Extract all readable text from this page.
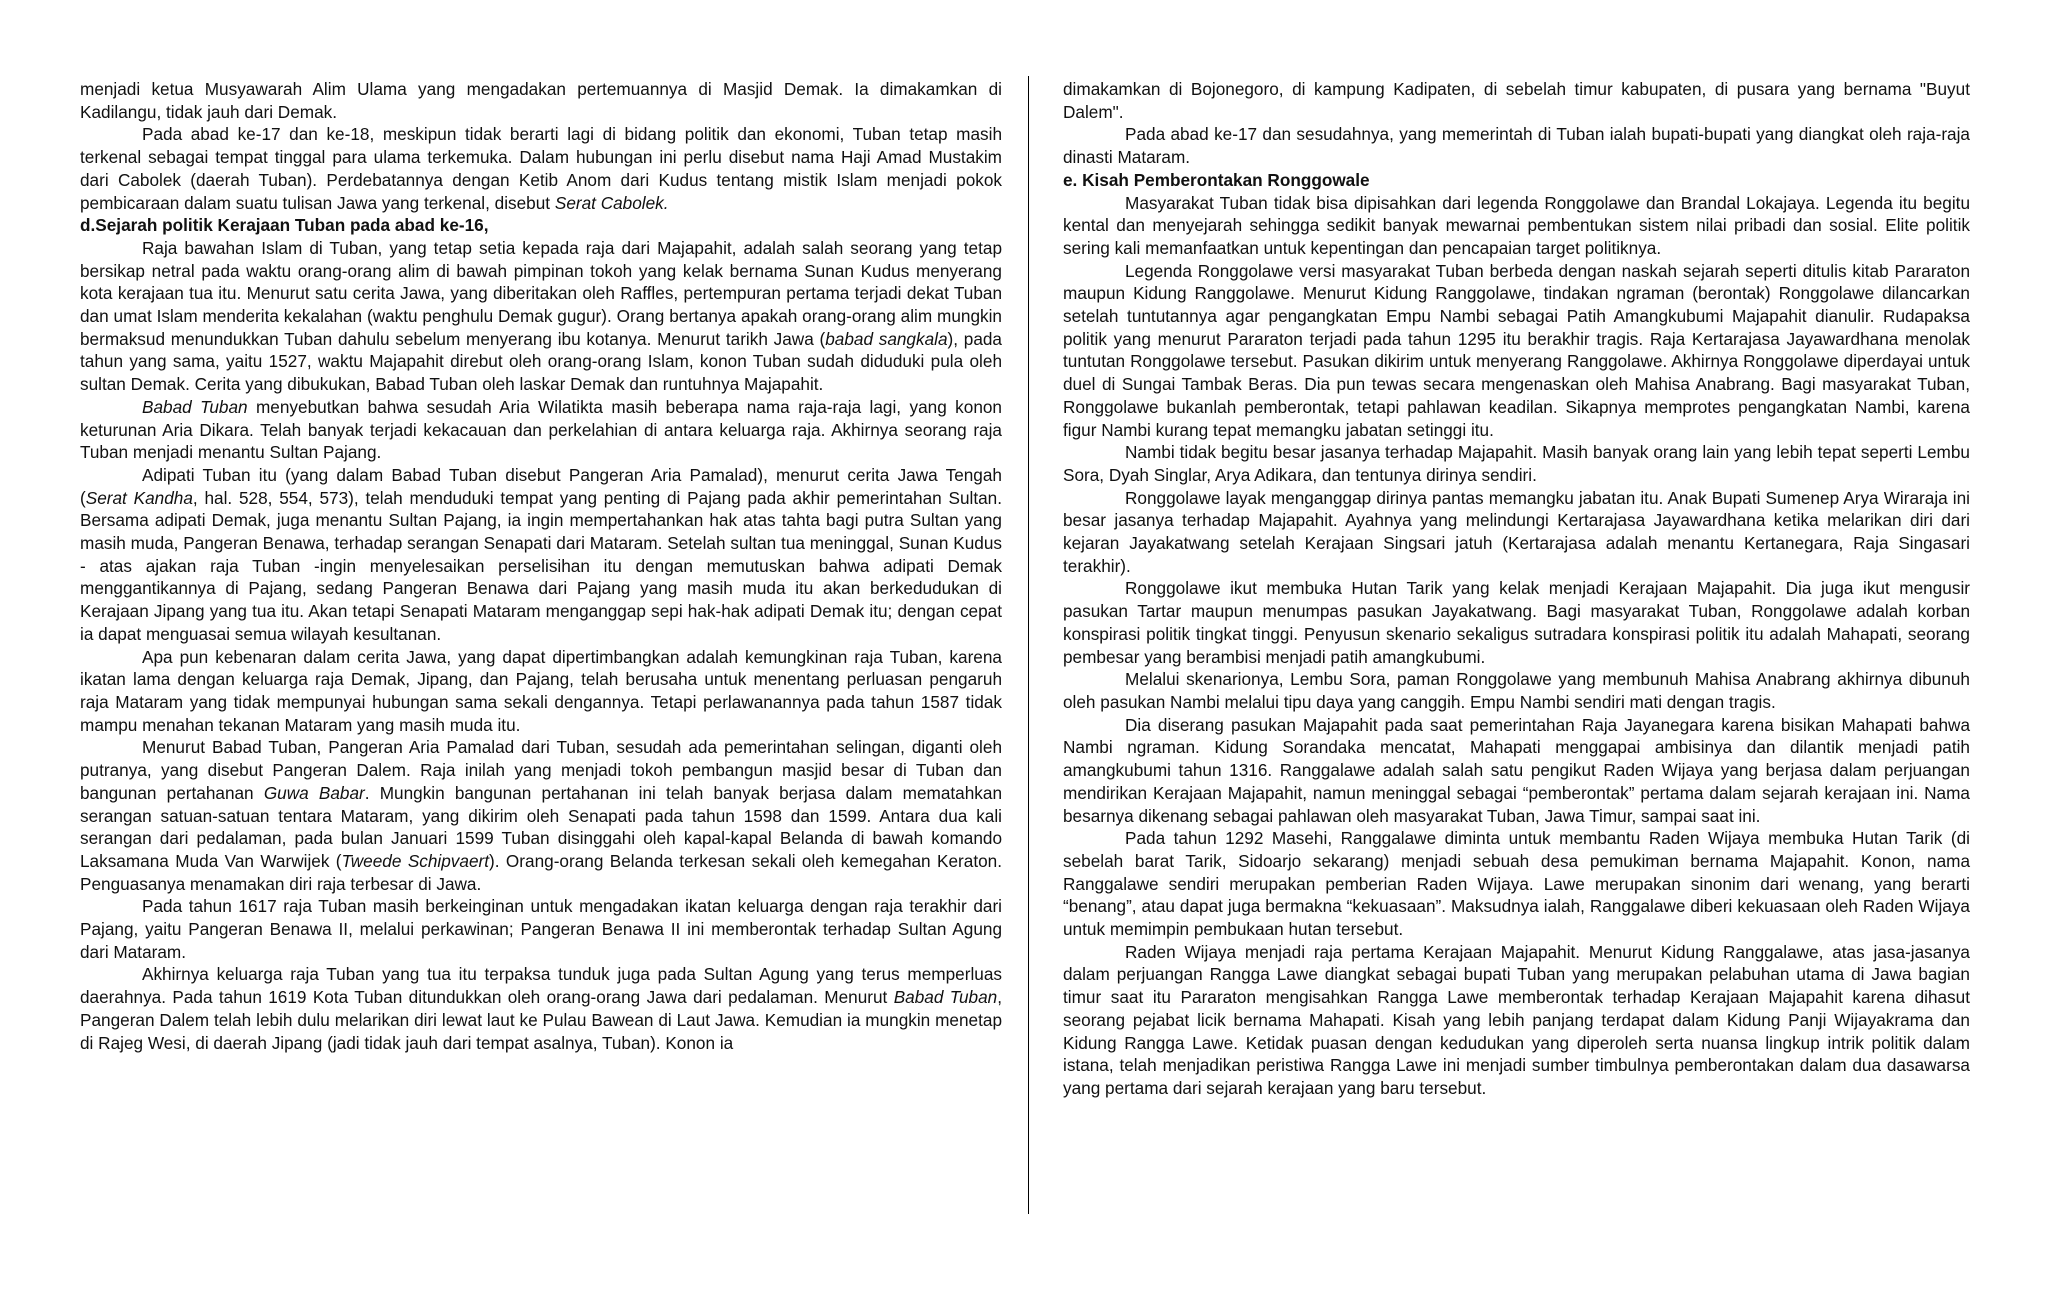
menjadi ketua Musyawarah Alim Ulama yang mengadakan pertemuannya di Masjid Demak. Ia dimakamkan di Kadilangu, tidak jauh dari Demak.

Pada abad ke-17 dan ke-18, meskipun tidak berarti lagi di bidang politik dan ekonomi, Tuban tetap masih terkenal sebagai tempat tinggal para ulama terkemuka. Dalam hubungan ini perlu disebut nama Haji Amad Mustakim dari Cabolek (daerah Tuban). Perdebatannya dengan Ketib Anom dari Kudus tentang mistik Islam menjadi pokok pembicaraan dalam suatu tulisan Jawa yang terkenal, disebut Serat Cabolek.

d.Sejarah politik Kerajaan Tuban pada abad ke-16,

Raja bawahan Islam di Tuban, yang tetap setia kepada raja dari Majapahit, adalah salah seorang yang tetap bersikap netral pada waktu orang-orang alim di bawah pimpinan tokoh yang kelak bernama Sunan Kudus menyerang kota kerajaan tua itu. Menurut satu cerita Jawa, yang diberitakan oleh Raffles, pertempuran pertama terjadi dekat Tuban dan umat Islam menderita kekalahan (waktu penghulu Demak gugur). Orang bertanya apakah orang-orang alim mungkin bermaksud menundukkan Tuban dahulu sebelum menyerang ibu kotanya. Menurut tarikh Jawa (babad sangkala), pada tahun yang sama, yaitu 1527, waktu Majapahit direbut oleh orang-orang Islam, konon Tuban sudah diduduki pula oleh sultan Demak. Cerita yang dibukukan, Babad Tuban oleh laskar Demak dan runtuhnya Majapahit.

Babad Tuban menyebutkan bahwa sesudah Aria Wilatikta masih beberapa nama raja-raja lagi, yang konon keturunan Aria Dikara. Telah banyak terjadi kekacauan dan perkelahian di antara keluarga raja. Akhirnya seorang raja Tuban menjadi menantu Sultan Pajang.

Adipati Tuban itu (yang dalam Babad Tuban disebut Pangeran Aria Pamalad), menurut cerita Jawa Tengah (Serat Kandha, hal. 528, 554, 573), telah menduduki tempat yang penting di Pajang pada akhir pemerintahan Sultan. Bersama adipati Demak, juga menantu Sultan Pajang, ia ingin mempertahankan hak atas tahta bagi putra Sultan yang masih muda, Pangeran Benawa, terhadap serangan Senapati dari Mataram. Setelah sultan tua meninggal, Sunan Kudus - atas ajakan raja Tuban -ingin menyelesaikan perselisihan itu dengan memutuskan bahwa adipati Demak menggantikannya di Pajang, sedang Pangeran Benawa dari Pajang yang masih muda itu akan berkedudukan di Kerajaan Jipang yang tua itu. Akan tetapi Senapati Mataram menganggap sepi hak-hak adipati Demak itu; dengan cepat ia dapat menguasai semua wilayah kesultanan.

Apa pun kebenaran dalam cerita Jawa, yang dapat dipertimbangkan adalah kemungkinan raja Tuban, karena ikatan lama dengan keluarga raja Demak, Jipang, dan Pajang, telah berusaha untuk menentang perluasan pengaruh raja Mataram yang tidak mempunyai hubungan sama sekali dengannya. Tetapi perlawanannya pada tahun 1587 tidak mampu menahan tekanan Mataram yang masih muda itu.

Menurut Babad Tuban, Pangeran Aria Pamalad dari Tuban, sesudah ada pemerintahan selingan, diganti oleh putranya, yang disebut Pangeran Dalem. Raja inilah yang menjadi tokoh pembangun masjid besar di Tuban dan bangunan pertahanan Guwa Babar. Mungkin bangunan pertahanan ini telah banyak berjasa dalam mematahkan serangan satuan-satuan tentara Mataram, yang dikirim oleh Senapati pada tahun 1598 dan 1599. Antara dua kali serangan dari pedalaman, pada bulan Januari 1599 Tuban disinggahi oleh kapal-kapal Belanda di bawah komando Laksamana Muda Van Warwijek (Tweede Schipvaert). Orang-orang Belanda terkesan sekali oleh kemegahan Keraton. Penguasanya menamakan diri raja terbesar di Jawa.

Pada tahun 1617 raja Tuban masih berkeinginan untuk mengadakan ikatan keluarga dengan raja terakhir dari Pajang, yaitu Pangeran Benawa II, melalui perkawinan; Pangeran Benawa II ini memberontak terhadap Sultan Agung dari Mataram.

Akhirnya keluarga raja Tuban yang tua itu terpaksa tunduk juga pada Sultan Agung yang terus memperluas daerahnya. Pada tahun 1619 Kota Tuban ditundukkan oleh orang-orang Jawa dari pedalaman. Menurut Babad Tuban, Pangeran Dalem telah lebih dulu melarikan diri lewat laut ke Pulau Bawean di Laut Jawa. Kemudian ia mungkin menetap di Rajeg Wesi, di daerah Jipang (jadi tidak jauh dari tempat asalnya, Tuban). Konon ia

dimakamkan di Bojonegoro, di kampung Kadipaten, di sebelah timur kabupaten, di pusara yang bernama "Buyut Dalem".

Pada abad ke-17 dan sesudahnya, yang memerintah di Tuban ialah bupati-bupati yang diangkat oleh raja-raja dinasti Mataram.

e. Kisah Pemberontakan Ronggowale

Masyarakat Tuban tidak bisa dipisahkan dari legenda Ronggolawe dan Brandal Lokajaya. Legenda itu begitu kental dan menyejarah sehingga sedikit banyak mewarnai pembentukan sistem nilai pribadi dan sosial. Elite politik sering kali memanfaatkan untuk kepentingan dan pencapaian target politiknya.

Legenda Ronggolawe versi masyarakat Tuban berbeda dengan naskah sejarah seperti ditulis kitab Pararaton maupun Kidung Ranggolawe. Menurut Kidung Ranggolawe, tindakan ngraman (berontak) Ronggolawe dilancarkan setelah tuntutannya agar pengangkatan Empu Nambi sebagai Patih Amangkubumi Majapahit dianulir. Rudapaksa politik yang menurut Pararaton terjadi pada tahun 1295 itu berakhir tragis. Raja Kertarajasa Jayawardhana menolak tuntutan Ronggolawe tersebut. Pasukan dikirim untuk menyerang Ranggolawe. Akhirnya Ronggolawe diperdayai untuk duel di Sungai Tambak Beras. Dia pun tewas secara mengenaskan oleh Mahisa Anabrang. Bagi masyarakat Tuban, Ronggolawe bukanlah pemberontak, tetapi pahlawan keadilan. Sikapnya memprotes pengangkatan Nambi, karena figur Nambi kurang tepat memangku jabatan setinggi itu.

Nambi tidak begitu besar jasanya terhadap Majapahit. Masih banyak orang lain yang lebih tepat seperti Lembu Sora, Dyah Singlar, Arya Adikara, dan tentunya dirinya sendiri.

Ronggolawe layak menganggap dirinya pantas memangku jabatan itu. Anak Bupati Sumenep Arya Wiraraja ini besar jasanya terhadap Majapahit. Ayahnya yang melindungi Kertarajasa Jayawardhana ketika melarikan diri dari kejaran Jayakatwang setelah Kerajaan Singsari jatuh (Kertarajasa adalah menantu Kertanegara, Raja Singasari terakhir).

Ronggolawe ikut membuka Hutan Tarik yang kelak menjadi Kerajaan Majapahit. Dia juga ikut mengusir pasukan Tartar maupun menumpas pasukan Jayakatwang. Bagi masyarakat Tuban, Ronggolawe adalah korban konspirasi politik tingkat tinggi. Penyusun skenario sekaligus sutradara konspirasi politik itu adalah Mahapati, seorang pembesar yang berambisi menjadi patih amangkubumi.

Melalui skenarionya, Lembu Sora, paman Ronggolawe yang membunuh Mahisa Anabrang akhirnya dibunuh oleh pasukan Nambi melalui tipu daya yang canggih. Empu Nambi sendiri mati dengan tragis.

Dia diserang pasukan Majapahit pada saat pemerintahan Raja Jayanegara karena bisikan Mahapati bahwa Nambi ngraman. Kidung Sorandaka mencatat, Mahapati menggapai ambisinya dan dilantik menjadi patih amangkubumi tahun 1316. Ranggalawe adalah salah satu pengikut Raden Wijaya yang berjasa dalam perjuangan mendirikan Kerajaan Majapahit, namun meninggal sebagai “pemberontak” pertama dalam sejarah kerajaan ini. Nama besarnya dikenang sebagai pahlawan oleh masyarakat Tuban, Jawa Timur, sampai saat ini.

Pada tahun 1292 Masehi, Ranggalawe diminta untuk membantu Raden Wijaya membuka Hutan Tarik (di sebelah barat Tarik, Sidoarjo sekarang) menjadi sebuah desa pemukiman bernama Majapahit. Konon, nama Ranggalawe sendiri merupakan pemberian Raden Wijaya. Lawe merupakan sinonim dari wenang, yang berarti “benang”, atau dapat juga bermakna “kekuasaan”. Maksudnya ialah, Ranggalawe diberi kekuasaan oleh Raden Wijaya untuk memimpin pembukaan hutan tersebut.

Raden Wijaya menjadi raja pertama Kerajaan Majapahit. Menurut Kidung Ranggalawe, atas jasa-jasanya dalam perjuangan Rangga Lawe diangkat sebagai bupati Tuban yang merupakan pelabuhan utama di Jawa bagian timur saat itu Pararaton mengisahkan Rangga Lawe memberontak terhadap Kerajaan Majapahit karena dihasut seorang pejabat licik bernama Mahapati. Kisah yang lebih panjang terdapat dalam Kidung Panji Wijayakrama dan Kidung Rangga Lawe. Ketidak puasan dengan kedudukan yang diperoleh serta nuansa lingkup intrik politik dalam istana, telah menjadikan peristiwa Rangga Lawe ini menjadi sumber timbulnya pemberontakan dalam dua dasawarsa yang pertama dari sejarah kerajaan yang baru tersebut.
